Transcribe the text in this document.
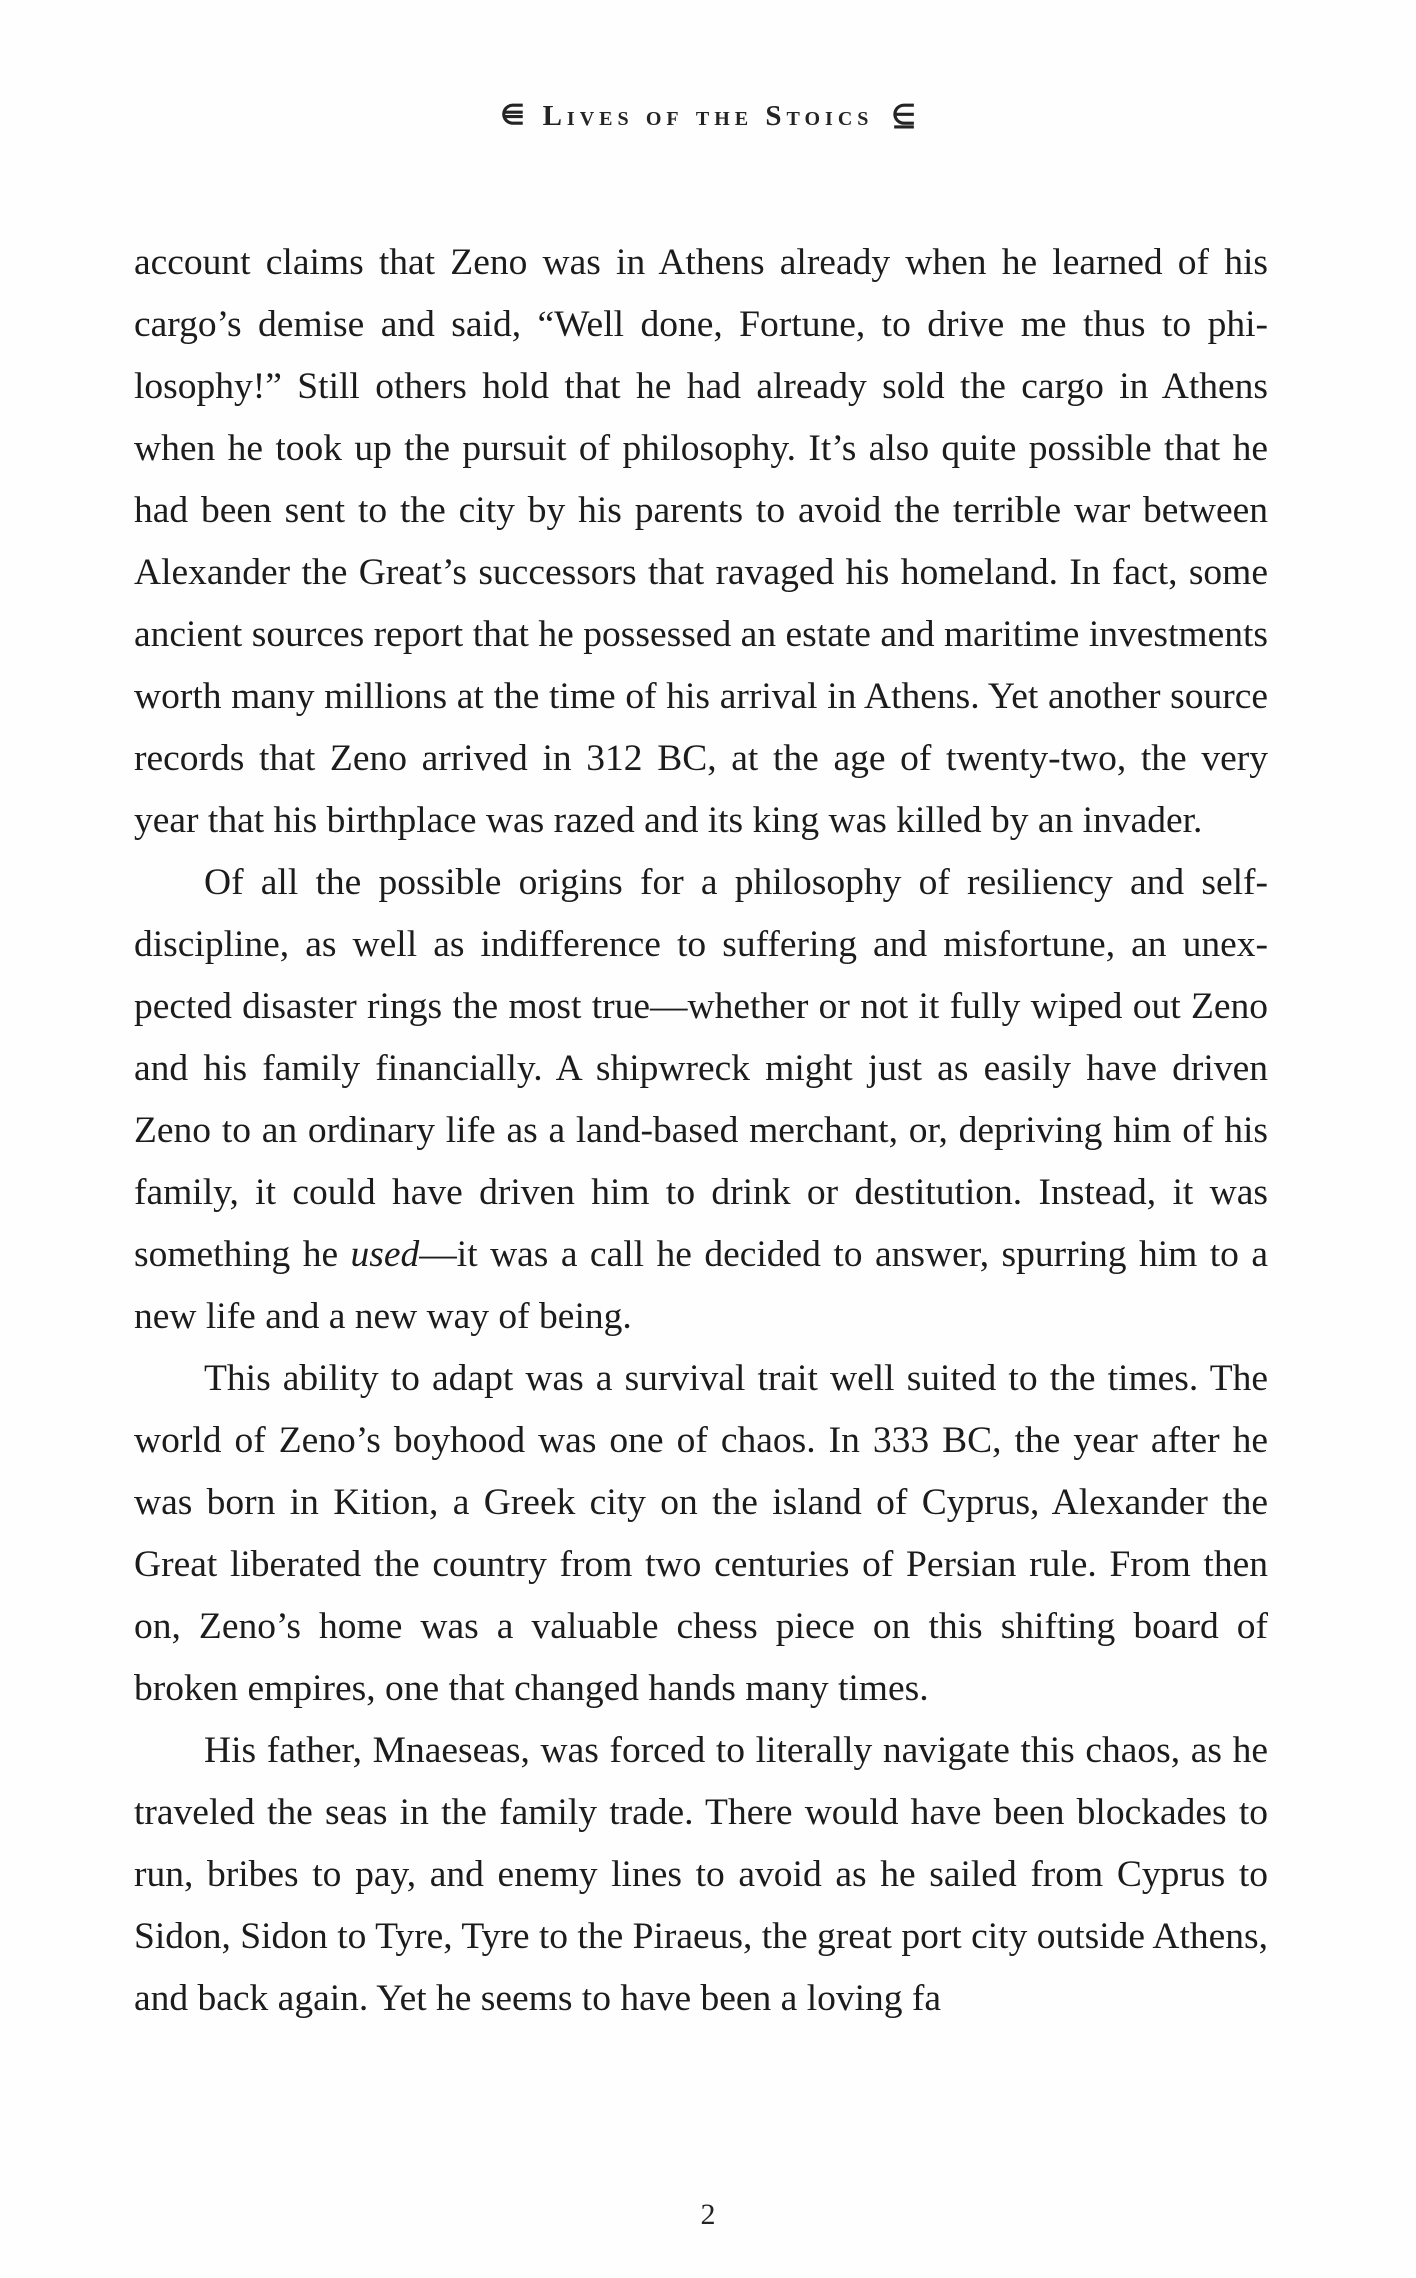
⋹ Lives of the Stoics ⋸

account claims that Zeno was in Athens already when he learned of his cargo’s demise and said, “Well done, Fortune, to drive me thus to philosophy!” Still others hold that he had already sold the cargo in Athens when he took up the pursuit of philosophy. It’s also quite possible that he had been sent to the city by his parents to avoid the terrible war between Alexander the Great’s successors that ravaged his homeland. In fact, some ancient sources report that he possessed an estate and maritime investments worth many millions at the time of his arrival in Athens. Yet another source records that Zeno arrived in 312 BC, at the age of twenty-two, the very year that his birthplace was razed and its king was killed by an invader.

Of all the possible origins for a philosophy of resiliency and self-discipline, as well as indifference to suffering and misfortune, an unexpected disaster rings the most true—whether or not it fully wiped out Zeno and his family financially. A shipwreck might just as easily have driven Zeno to an ordinary life as a land-based merchant, or, depriving him of his family, it could have driven him to drink or destitution. Instead, it was something he used—it was a call he decided to answer, spurring him to a new life and a new way of being.

This ability to adapt was a survival trait well suited to the times. The world of Zeno’s boyhood was one of chaos. In 333 BC, the year after he was born in Kition, a Greek city on the island of Cyprus, Alexander the Great liberated the country from two centuries of Persian rule. From then on, Zeno’s home was a valuable chess piece on this shifting board of broken empires, one that changed hands many times.

His father, Mnaeseas, was forced to literally navigate this chaos, as he traveled the seas in the family trade. There would have been blockades to run, bribes to pay, and enemy lines to avoid as he sailed from Cyprus to Sidon, Sidon to Tyre, Tyre to the Piraeus, the great port city outside Athens, and back again. Yet he seems to have been a loving fa

2
